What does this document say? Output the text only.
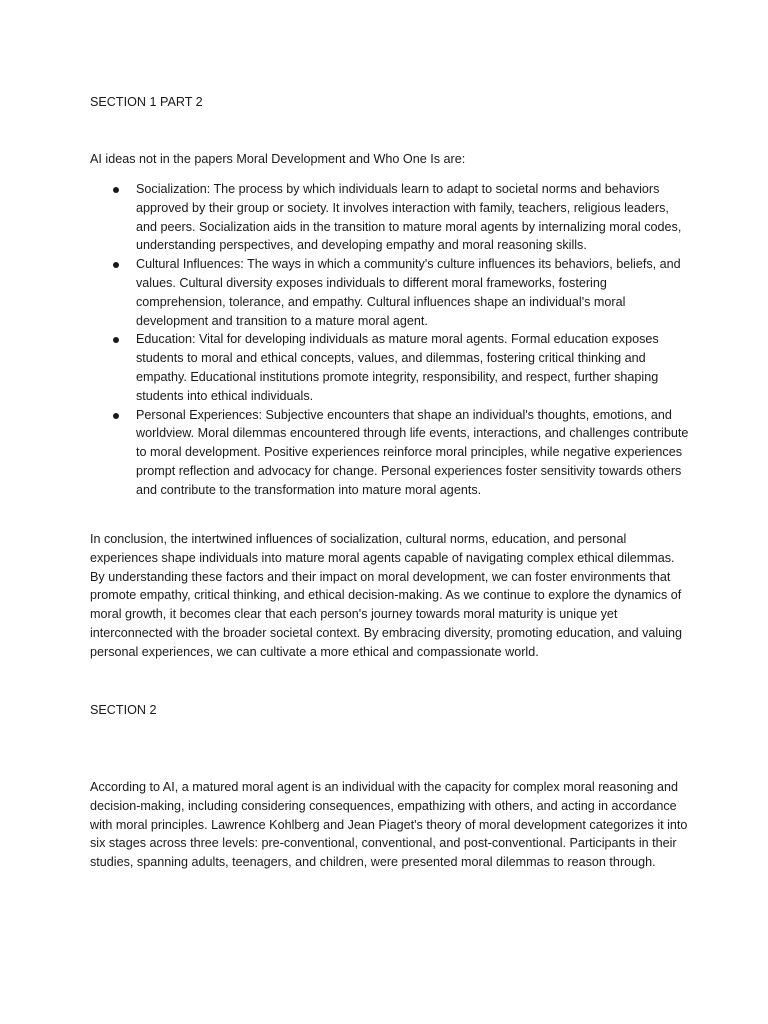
SECTION 1 PART 2

AI ideas not in the papers Moral Development and Who One Is are:

Socialization: The process by which individuals learn to adapt to societal norms and behaviors approved by their group or society. It involves interaction with family, teachers, religious leaders, and peers. Socialization aids in the transition to mature moral agents by internalizing moral codes, understanding perspectives, and developing empathy and moral reasoning skills.
Cultural Influences: The ways in which a community's culture influences its behaviors, beliefs, and values. Cultural diversity exposes individuals to different moral frameworks, fostering comprehension, tolerance, and empathy. Cultural influences shape an individual's moral development and transition to a mature moral agent.
Education: Vital for developing individuals as mature moral agents. Formal education exposes students to moral and ethical concepts, values, and dilemmas, fostering critical thinking and empathy. Educational institutions promote integrity, responsibility, and respect, further shaping students into ethical individuals.
Personal Experiences: Subjective encounters that shape an individual's thoughts, emotions, and worldview. Moral dilemmas encountered through life events, interactions, and challenges contribute to moral development. Positive experiences reinforce moral principles, while negative experiences prompt reflection and advocacy for change. Personal experiences foster sensitivity towards others and contribute to the transformation into mature moral agents.

In conclusion, the intertwined influences of socialization, cultural norms, education, and personal experiences shape individuals into mature moral agents capable of navigating complex ethical dilemmas. By understanding these factors and their impact on moral development, we can foster environments that promote empathy, critical thinking, and ethical decision-making. As we continue to explore the dynamics of moral growth, it becomes clear that each person's journey towards moral maturity is unique yet interconnected with the broader societal context. By embracing diversity, promoting education, and valuing personal experiences, we can cultivate a more ethical and compassionate world.

SECTION 2

According to AI, a matured moral agent is an individual with the capacity for complex moral reasoning and decision-making, including considering consequences, empathizing with others, and acting in accordance with moral principles. Lawrence Kohlberg and Jean Piaget's theory of moral development categorizes it into six stages across three levels: pre-conventional, conventional, and post-conventional. Participants in their studies, spanning adults, teenagers, and children, were presented moral dilemmas to reason through.
